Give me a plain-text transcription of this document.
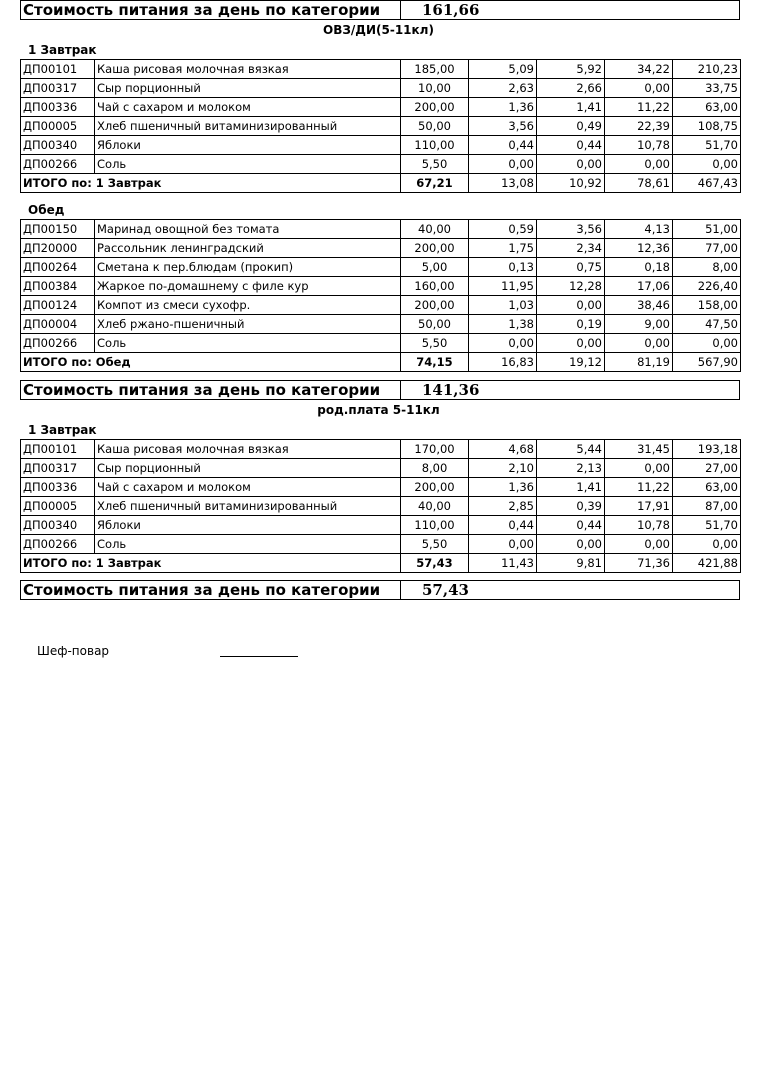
Стоимость питания за день по категории	161,66
ОВЗ/ДИ(5-11кл)
1 Завтрак
ДП00101	Каша рисовая молочная вязкая	185,00	5,09	5,92	34,22	210,23
ДП00317	Сыр порционный	10,00	2,63	2,66	0,00	33,75
ДП00336	Чай с сахаром и молоком	200,00	1,36	1,41	11,22	63,00
ДП00005	Хлеб пшеничный витаминизированный	50,00	3,56	0,49	22,39	108,75
ДП00340	Яблоки	110,00	0,44	0,44	10,78	51,70
ДП00266	Соль	5,50	0,00	0,00	0,00	0,00
ИТОГО по: 1 Завтрак		67,21	13,08	10,92	78,61	467,43
Обед
ДП00150	Маринад овощной без томата	40,00	0,59	3,56	4,13	51,00
ДП20000	Рассольник ленинградский	200,00	1,75	2,34	12,36	77,00
ДП00264	Сметана к пер.блюдам (прокип)	5,00	0,13	0,75	0,18	8,00
ДП00384	Жаркое по-домашнему с филе кур	160,00	11,95	12,28	17,06	226,40
ДП00124	Компот из смеси сухофр.	200,00	1,03	0,00	38,46	158,00
ДП00004	Хлеб ржано-пшеничный	50,00	1,38	0,19	9,00	47,50
ДП00266	Соль	5,50	0,00	0,00	0,00	0,00
ИТОГО по: Обед		74,15	16,83	19,12	81,19	567,90
Стоимость питания за день по категории	141,36
род.плата 5-11кл
1 Завтрак
ДП00101	Каша рисовая молочная вязкая	170,00	4,68	5,44	31,45	193,18
ДП00317	Сыр порционный	8,00	2,10	2,13	0,00	27,00
ДП00336	Чай с сахаром и молоком	200,00	1,36	1,41	11,22	63,00
ДП00005	Хлеб пшеничный витаминизированный	40,00	2,85	0,39	17,91	87,00
ДП00340	Яблоки	110,00	0,44	0,44	10,78	51,70
ДП00266	Соль	5,50	0,00	0,00	0,00	0,00
ИТОГО по: 1 Завтрак		57,43	11,43	9,81	71,36	421,88
Стоимость питания за день по категории	57,43
Шеф-повар
